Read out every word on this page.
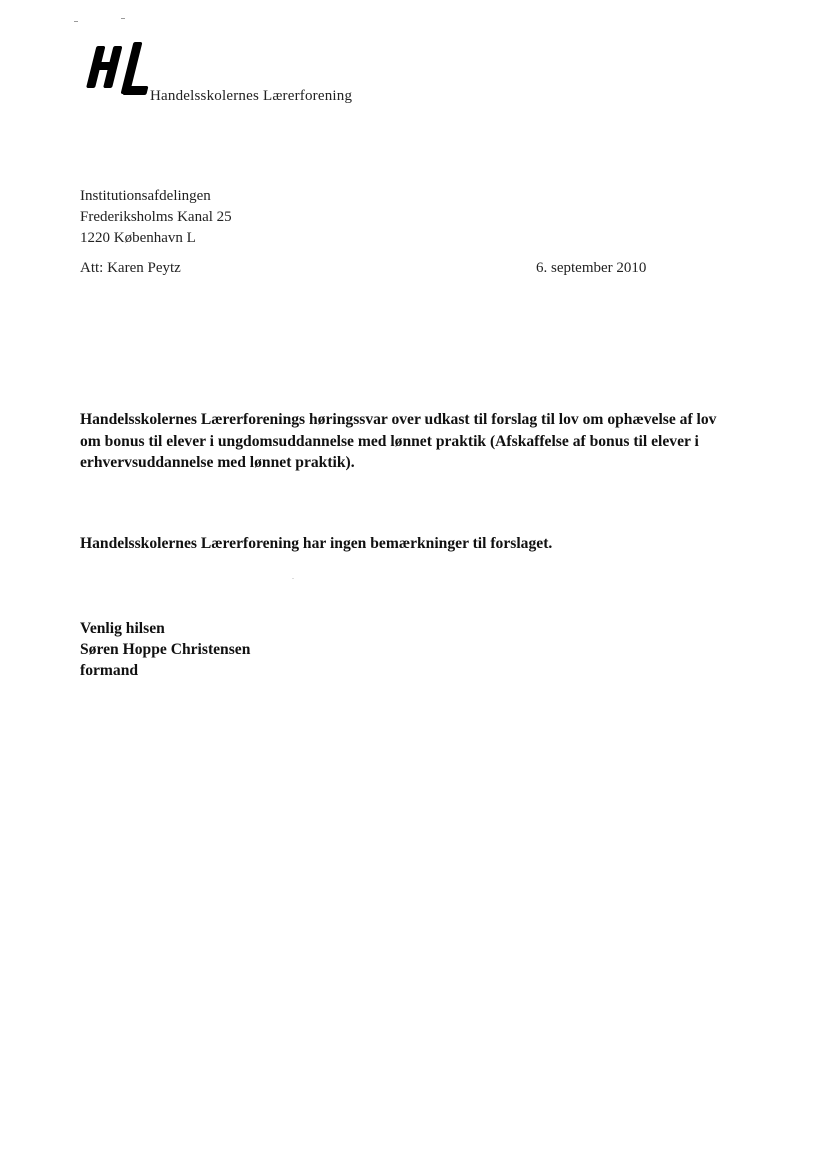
Handelsskolernes Lærerforening
Institutionsafdelingen
Frederiksholms Kanal 25
1220 København L
Att: Karen Peytz	6. september 2010
Handelsskolernes Lærerforenings høringssvar over udkast til forslag til lov om ophævelse af lov om bonus til elever i ungdomsuddannelse med lønnet praktik (Afskaffelse af bonus til elever i erhvervsuddannelse med lønnet praktik).
Handelsskolernes Lærerforening har ingen bemærkninger til forslaget.
Venlig hilsen
Søren Hoppe Christensen
formand
